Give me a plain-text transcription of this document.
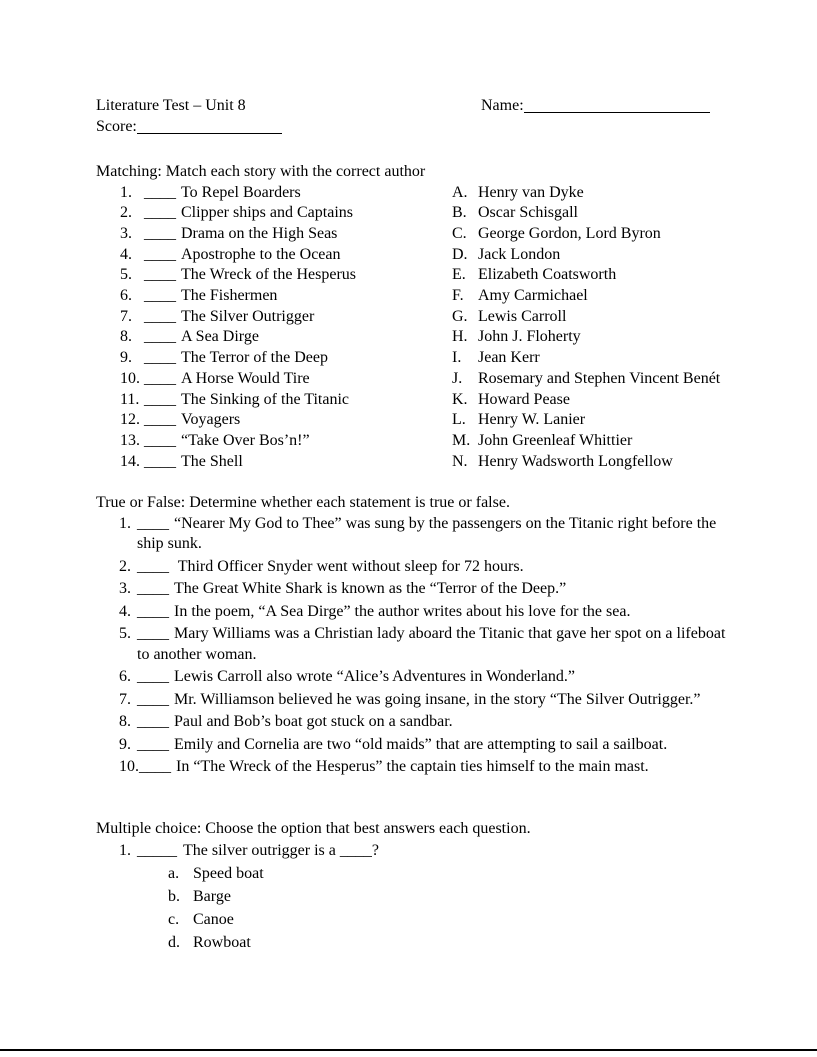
Literature Test – Unit 8	Name:
Score:
Matching: Match each story with the correct author
1. ____ To Repel Boarders	A. Henry van Dyke
2. ____ Clipper ships and Captains	B. Oscar Schisgall
3. ____ Drama on the High Seas	C. George Gordon, Lord Byron
4. ____ Apostrophe to the Ocean	D. Jack London
5. ____ The Wreck of the Hesperus	E. Elizabeth Coatsworth
6. ____ The Fishermen	F. Amy Carmichael
7. ____ The Silver Outrigger	G. Lewis Carroll
8. ____ A Sea Dirge	H. John J. Floherty
9. ____ The Terror of the Deep	I.	Jean Kerr
10. ____ A Horse Would Tire	J. Rosemary and Stephen Vincent Benét
11. ____ The Sinking of the Titanic	K. Howard Pease
12. ____ Voyagers	L. Henry W. Lanier
13. ____ “Take Over Bos’n!”	M. John Greenleaf Whittier
14. ____ The Shell	N. Henry Wadsworth Longfellow
True or False: Determine whether each statement is true or false.
1. ____ “Nearer My God to Thee” was sung by the passengers on the Titanic right before the ship sunk.
2. ____ Third Officer Snyder went without sleep for 72 hours.
3. ____ The Great White Shark is known as the “Terror of the Deep.”
4. ____ In the poem, “A Sea Dirge” the author writes about his love for the sea.
5. ____ Mary Williams was a Christian lady aboard the Titanic that gave her spot on a lifeboat to another woman.
6. ____ Lewis Carroll also wrote “Alice’s Adventures in Wonderland.”
7. ____ Mr. Williamson believed he was going insane, in the story “The Silver Outrigger.”
8. ____ Paul and Bob’s boat got stuck on a sandbar.
9. ____ Emily and Cornelia are two “old maids” that are attempting to sail a sailboat.
10.____ In “The Wreck of the Hesperus” the captain ties himself to the main mast.
Multiple choice: Choose the option that best answers each question.
1. _____ The silver outrigger is a ____?
a. Speed boat
b. Barge
c. Canoe
d. Rowboat
